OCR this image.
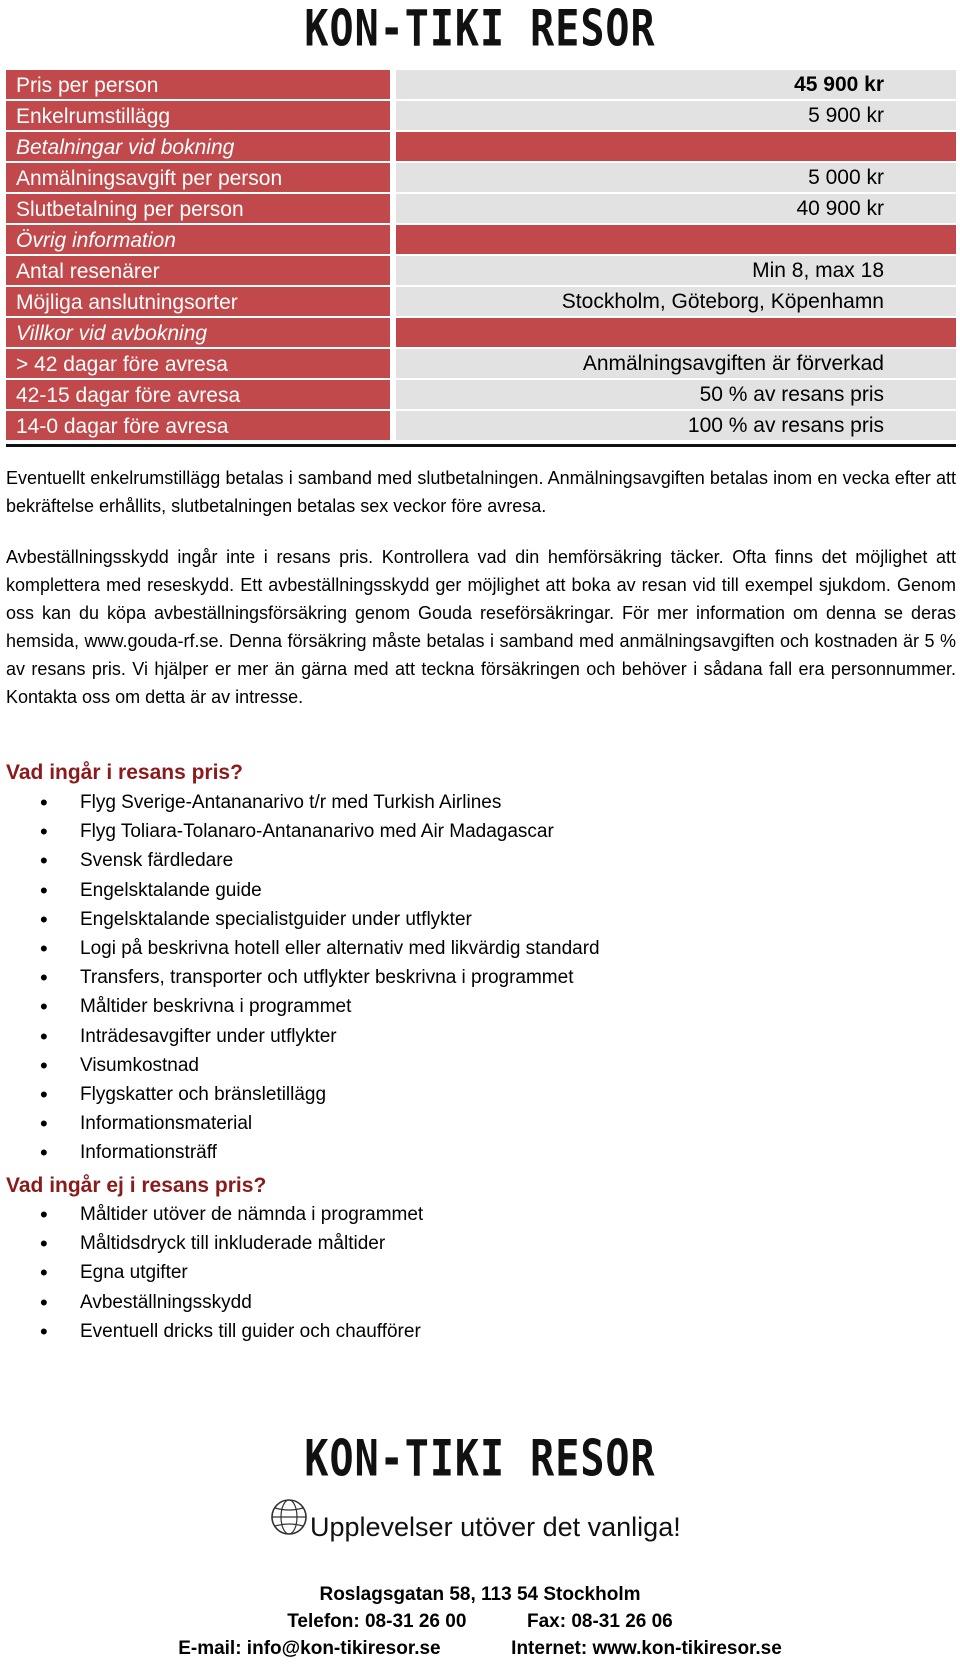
KON-TIKI RESOR
Pris per person	45 900 kr
Enkelrumstillägg	5 900 kr
Betalningar vid bokning
Anmälningsavgift per person	5 000 kr
Slutbetalning per person	40 900 kr
Övrig information
Antal resenärer	Min 8, max 18
Möjliga anslutningsorter	Stockholm, Göteborg, Köpenhamn
Villkor vid avbokning
> 42 dagar före avresa	Anmälningsavgiften är förverkad
42-15 dagar före avresa	50 % av resans pris
14-0 dagar före avresa	100 % av resans pris
Eventuellt enkelrumstillägg betalas i samband med slutbetalningen. Anmälningsavgiften betalas inom en vecka efter att bekräftelse erhållits, slutbetalningen betalas sex veckor före avresa.
Avbeställningsskydd ingår inte i resans pris. Kontrollera vad din hemförsäkring täcker. Ofta finns det möjlighet att komplettera med reseskydd. Ett avbeställningsskydd ger möjlighet att boka av resan vid till exempel sjukdom. Genom oss kan du köpa avbeställningsförsäkring genom Gouda reseförsäkringar. För mer information om denna se deras hemsida, www.gouda-rf.se. Denna försäkring måste betalas i samband med anmälningsavgiften och kostnaden är 5 % av resans pris. Vi hjälper er mer än gärna med att teckna försäkringen och behöver i sådana fall era personnummer. Kontakta oss om detta är av intresse.
Vad ingår i resans pris?
• Flyg Sverige-Antananarivo t/r med Turkish Airlines
• Flyg Toliara-Tolanaro-Antananarivo med Air Madagascar
• Svensk färdledare
• Engelsktalande guide
• Engelsktalande specialistguider under utflykter
• Logi på beskrivna hotell eller alternativ med likvärdig standard
• Transfers, transporter och utflykter beskrivna i programmet
• Måltider beskrivna i programmet
• Inträdesavgifter under utflykter
• Visumkostnad
• Flygskatter och bränsletillägg
• Informationsmaterial
• Informationsträff
Vad ingår ej i resans pris?
• Måltider utöver de nämnda i programmet
• Måltidsdryck till inkluderade måltider
• Egna utgifter
• Avbeställningsskydd
• Eventuell dricks till guider och chaufförer
KON-TIKI RESOR
Upplevelser utöver det vanliga!
Roslagsgatan 58, 113 54 Stockholm
Telefon: 08-31 26 00	Fax: 08-31 26 06
E-mail: info@kon-tikiresor.se	Internet: www.kon-tikiresor.se
